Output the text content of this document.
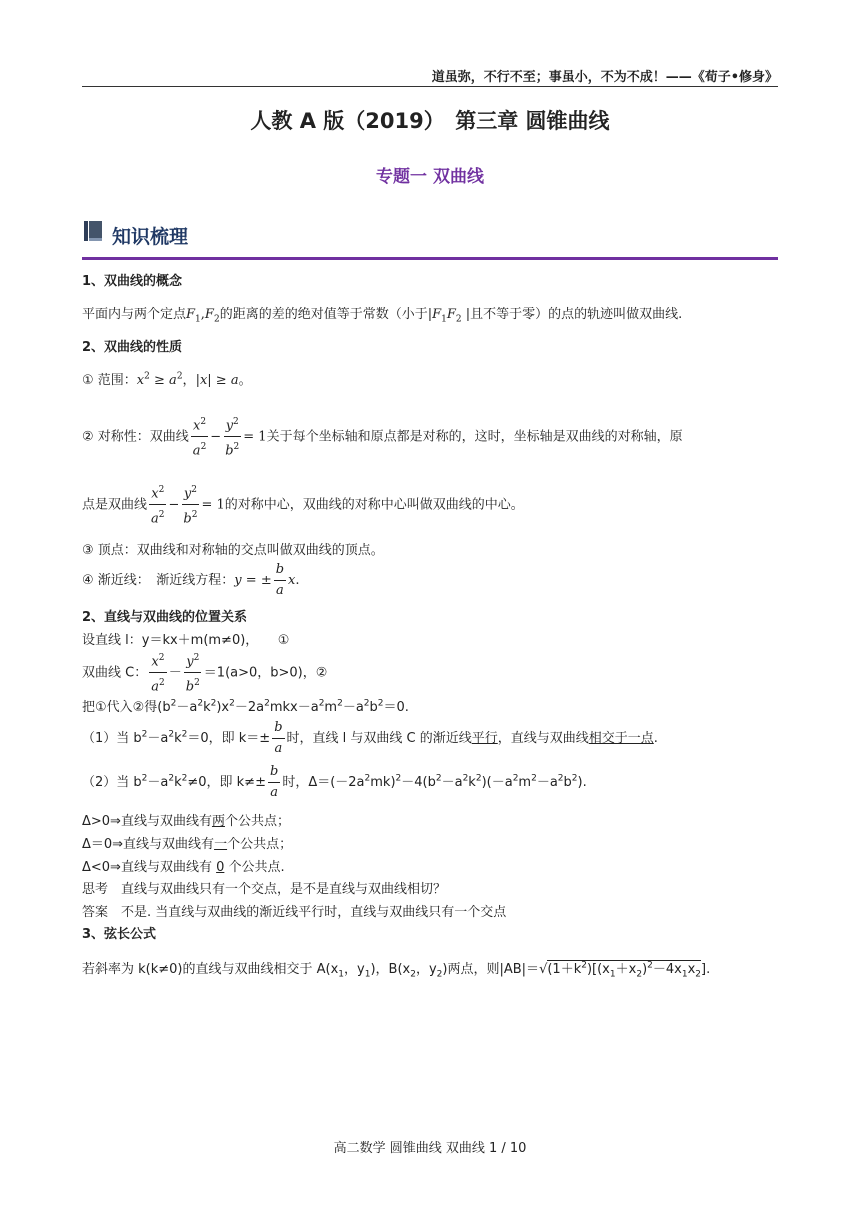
道虽弥，不行不至；事虽小，不为不成！——《荀子•修身》
人教 A 版（2019）　第三章 圆锥曲线
专题一 双曲线
知识梳理
1、双曲线的概念
平面内与两个定点$F_1,F_2$的距离的差的绝对值等于常数（小于$|F_1F_2$ |且不等于零）的点的轨迹叫做双曲线.
2、双曲线的性质
① 范围：$x^2 \ge a^2$，|x| ≥ a。
② 对称性：双曲线 $\frac{x^2}{a^2} - \frac{y^2}{b^2} = 1$关于每个坐标轴和原点都是对称的，这时，坐标轴是双曲线的对称轴，原
点是双曲线 $\frac{x^2}{a^2} - \frac{y^2}{b^2} = 1$的对称中心，双曲线的对称中心叫做双曲线的中心。
③ 顶点：双曲线和对称轴的交点叫做双曲线的顶点。
④ 渐近线：　渐近线方程：y = ± $\frac{b}{a} x$.
2、直线与双曲线的位置关系
设直线 l：y＝kx＋m(m≠0)，　　①
双曲线 C： $\frac{x^2}{a^2} - \frac{y^2}{b^2} =1(a>0$，b>0)，②
把①代入②得$(b^2-a^2k^2)x^2-2a^2mkx-a^2m^2-a^2b^2=0$.
（1）当 $b^2-a^2k^2=0$，即 $k=\pm \frac{b}{a}$ 时，直线 l 与双曲线 C 的渐近线平行，直线与双曲线相交于一点.
（2）当 $b^2-a^2k^2\ne 0$，即 $k\ne\pm \frac{b}{a}$ 时，$\Delta=(-2a^2mk)^2-4(b^2-a^2k^2)(-a^2m^2-a^2b^2)$.
Δ>0⇒直线与双曲线有两个公共点；
Δ＝0⇒直线与双曲线有一个公共点；
Δ<0⇒直线与双曲线有 0 个公共点.
思考　直线与双曲线只有一个交点，是不是直线与双曲线相切？
答案　不是. 当直线与双曲线的渐近线平行时，直线与双曲线只有一个交点
3、弦长公式
若斜率为 k(k≠0)的直线与双曲线相交于 $A(x_1$，$y_1$)，$B(x_2$，$y_2$)两点，则$|AB|=√(1+k^2)[(x_1+x_2)^2-4x_1x_2]$.
高二数学 圆锥曲线 双曲线 1 / 10
